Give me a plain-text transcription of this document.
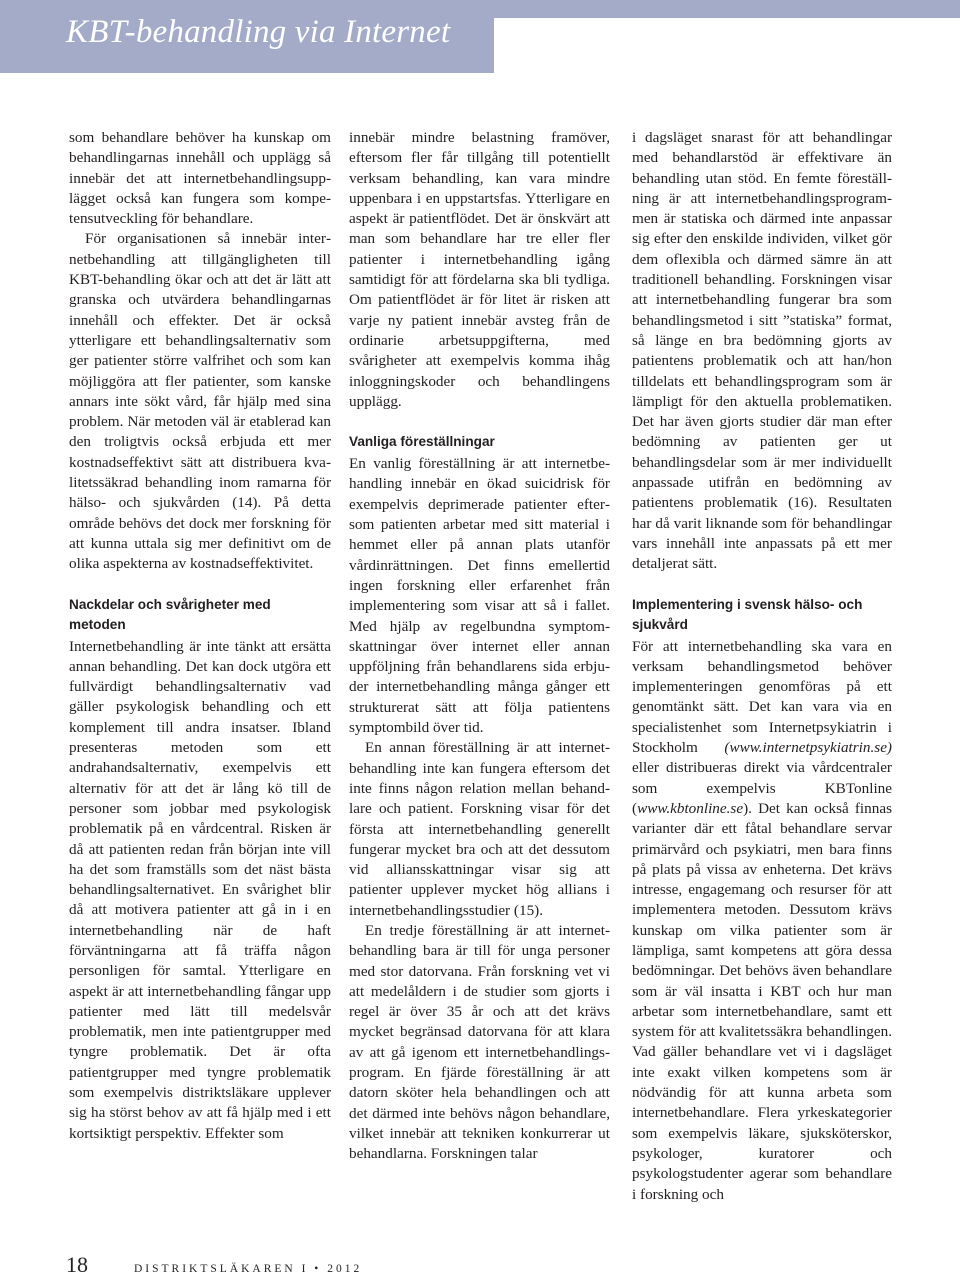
KBT-behandling via Internet

som behandlare behöver ha kunskap om behandlingarnas innehåll och upplägg så innebär det att internetbehandlingsupplägget också kan fungera som kompetensutveckling för behandlare.

För organisationen så innebär internetbehandling att tillgängligheten till KBT-behandling ökar och att det är lätt att granska och utvärdera behandlingarnas innehåll och effekter. Det är också ytterligare ett behandlingsalternativ som ger patienter större valfrihet och som kan möjliggöra att fler patienter, som kanske annars inte sökt vård, får hjälp med sina problem. När metoden väl är etablerad kan den troligtvis också erbjuda ett mer kostnadseffektivt sätt att distribuera kvalitetssäkrad behandling inom ramarna för hälso- och sjukvården (14). På detta område behövs det dock mer forskning för att kunna uttala sig mer definitivt om de olika aspekterna av kostnadseffektivitet.

Nackdelar och svårigheter med metoden

Internetbehandling är inte tänkt att ersätta annan behandling. Det kan dock utgöra ett fullvärdigt behandlingsalternativ vad gäller psykologisk behandling och ett komplement till andra insatser. Ibland presenteras metoden som ett andrahandsalternativ, exempelvis ett alternativ för att det är lång kö till de personer som jobbar med psykologisk problematik på en vårdcentral. Risken är då att patienten redan från början inte vill ha det som framställs som det näst bästa behandlingsalternativet. En svårighet blir då att motivera patienter att gå in i en internetbehandling när de haft förväntningarna att få träffa någon personligen för samtal. Ytterligare en aspekt är att internetbehandling fångar upp patienter med lätt till medelsvår problematik, men inte patientgrupper med tyngre problematik. Det är ofta patientgrupper med tyngre problematik som exempelvis distriktsläkare upplever sig ha störst behov av att få hjälp med i ett kortsiktigt perspektiv. Effekter som

innebär mindre belastning framöver, eftersom fler får tillgång till potentiellt verksam behandling, kan vara mindre uppenbara i en uppstartsfas. Ytterligare en aspekt är patientflödet. Det är önskvärt att man som behandlare har tre eller fler patienter i internetbehandling igång samtidigt för att fördelarna ska bli tydliga. Om patientflödet är för litet är risken att varje ny patient innebär avsteg från de ordinarie arbetsuppgifterna, med svårigheter att exempelvis komma ihåg inloggningskoder och behandlingens upplägg.

Vanliga föreställningar

En vanlig föreställning är att internetbehandling innebär en ökad suicidrisk för exempelvis deprimerade patienter eftersom patienten arbetar med sitt material i hemmet eller på annan plats utanför vårdinrättningen. Det finns emellertid ingen forskning eller erfarenhet från implementering som visar att så i fallet. Med hjälp av regelbundna symptomskattningar över internet eller annan uppföljning från behandlarens sida erbjuder internetbehandling många gånger ett strukturerat sätt att följa patientens symptombild över tid.

En annan föreställning är att internetbehandling inte kan fungera eftersom det inte finns någon relation mellan behandlare och patient. Forskning visar för det första att internetbehandling generellt fungerar mycket bra och att det dessutom vid alliansskattningar visar sig att patienter upplever mycket hög allians i internetbehandlingsstudier (15).

En tredje föreställning är att internetbehandling bara är till för unga personer med stor datorvana. Från forskning vet vi att medelåldern i de studier som gjorts i regel är över 35 år och att det krävs mycket begränsad datorvana för att klara av att gå igenom ett internetbehandlingsprogram. En fjärde föreställning är att datorn sköter hela behandlingen och att det därmed inte behövs någon behandlare, vilket innebär att tekniken konkurrerar ut behandlarna. Forskningen talar

i dagsläget snarast för att behandlingar med behandlarstöd är effektivare än behandling utan stöd. En femte föreställning är att internetbehandlingsprogrammen är statiska och därmed inte anpassar sig efter den enskilde individen, vilket gör dem oflexibla och därmed sämre än att traditionell behandling. Forskningen visar att internetbehandling fungerar bra som behandlingsmetod i sitt ”statiska” format, så länge en bra bedömning gjorts av patientens problematik och att han/hon tilldelats ett behandlingsprogram som är lämpligt för den aktuella problematiken. Det har även gjorts studier där man efter bedömning av patienten ger ut behandlingsdelar som är mer individuellt anpassade utifrån en bedömning av patientens problematik (16). Resultaten har då varit liknande som för behandlingar vars innehåll inte anpassats på ett mer detaljerat sätt.

Implementering i svensk hälso- och sjukvård

För att internetbehandling ska vara en verksam behandlingsmetod behöver implementeringen genomföras på ett genomtänkt sätt. Det kan vara via en specialistenhet som Internetpsykiatrin i Stockholm (www.internetpsykiatrin.se) eller distribueras direkt via vårdcentraler som exempelvis KBTonline (www.kbtonline.se). Det kan också finnas varianter där ett fåtal behandlare servar primärvård och psykiatri, men bara finns på plats på vissa av enheterna. Det krävs intresse, engagemang och resurser för att implementera metoden. Dessutom krävs kunskap om vilka patienter som är lämpliga, samt kompetens att göra dessa bedömningar. Det behövs även behandlare som är väl insatta i KBT och hur man arbetar som internetbehandlare, samt ett system för att kvalitetssäkra behandlingen. Vad gäller behandlare vet vi i dagsläget inte exakt vilken kompetens som är nödvändig för att kunna arbeta som internetbehandlare. Flera yrkeskategorier som exempelvis läkare, sjuksköterskor, psykologer, kuratorer och psykologstudenter agerar som behandlare i forskning och

18	DISTRIKTSLÄKAREN I • 2012
